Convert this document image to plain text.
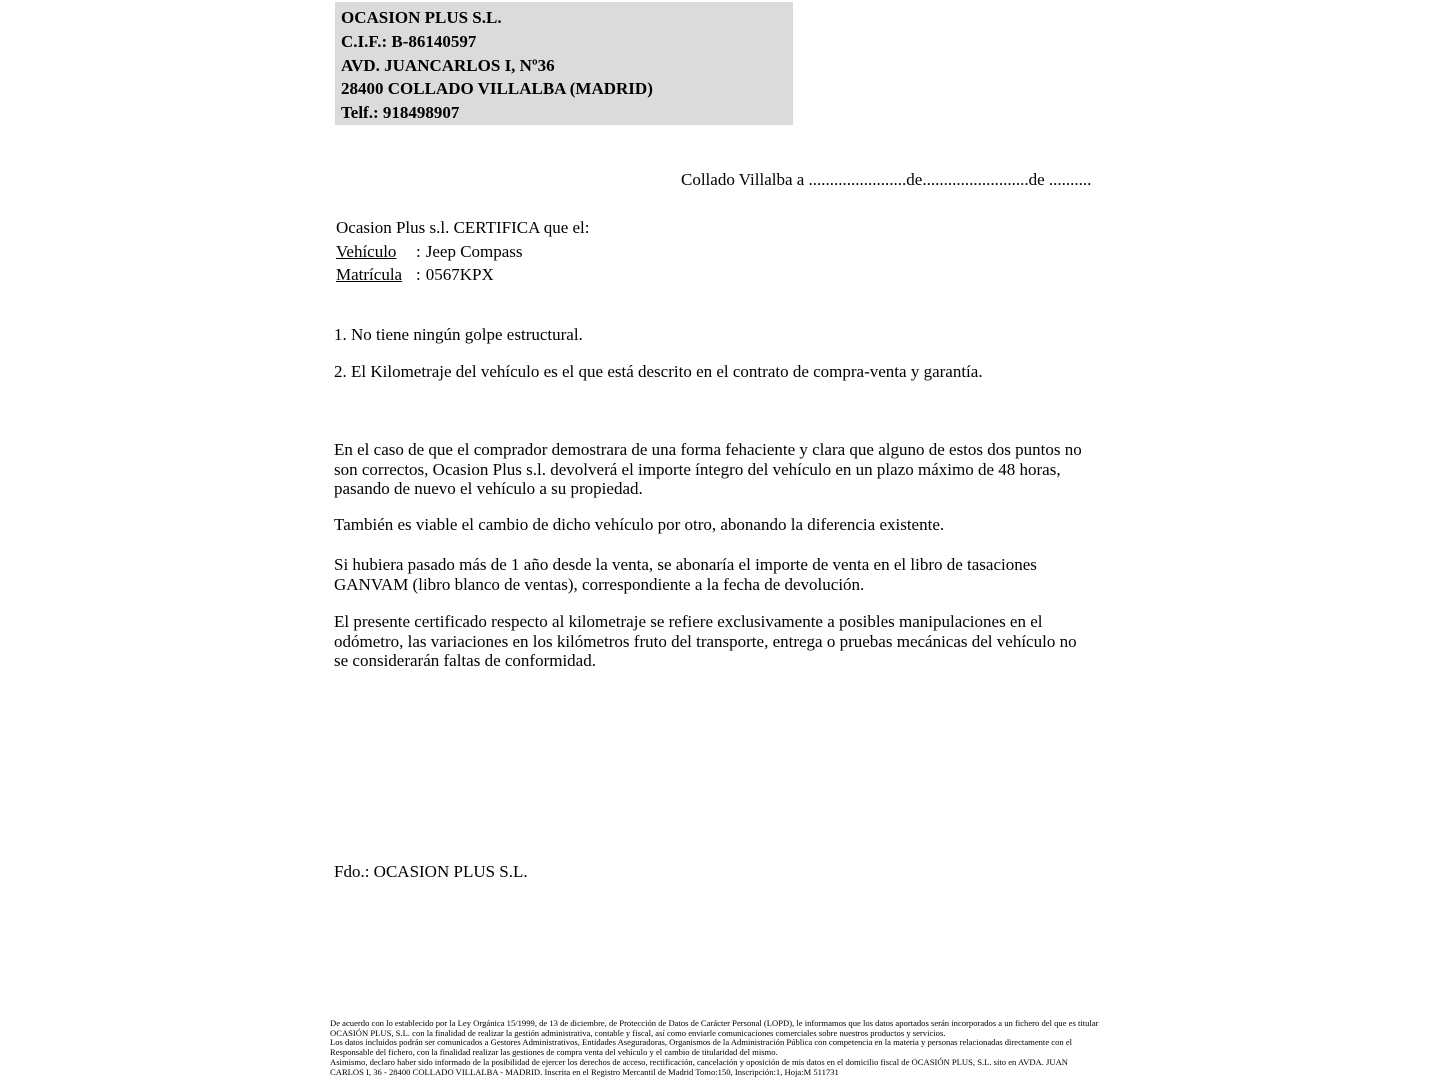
OCASION PLUS S.L.
C.I.F.: B-86140597
AVD. JUANCARLOS I, Nº36
28400 COLLADO VILLALBA (MADRID)
Telf.: 918498907
Collado Villalba a .......................de.........................de ..........
Ocasion Plus s.l. CERTIFICA que el:
Vehículo : Jeep Compass
Matrícula : 0567KPX
1. No tiene ningún golpe estructural.
2. El Kilometraje del vehículo es el que está descrito en el contrato de compra-venta y garantía.
En el caso de que el comprador demostrara de una forma fehaciente y clara que alguno de estos dos puntos no son correctos, Ocasion Plus s.l. devolverá el importe íntegro del vehículo en un plazo máximo de 48 horas, pasando de nuevo el vehículo a su propiedad.
También es viable el cambio de dicho vehículo por otro, abonando la diferencia existente.
Si hubiera pasado más de 1 año desde la venta, se abonaría el importe de venta en el libro de tasaciones GANVAM (libro blanco de ventas), correspondiente a la fecha de devolución.
El presente certificado respecto al kilometraje se refiere exclusivamente a posibles manipulaciones en el odómetro, las variaciones en los kilómetros fruto del transporte, entrega o pruebas mecánicas del vehículo no se considerarán faltas de conformidad.
Fdo.: OCASION PLUS S.L.

De acuerdo con lo establecido por la Ley Orgánica 15/1999, de 13 de diciembre, de Protección de Datos de Carácter Personal (LOPD), le informamos que los datos aportados serán incorporados a un fichero del que es titular OCASIÓN PLUS, S.L. con la finalidad de realizar la gestión administrativa, contable y fiscal, así como enviarle comunicaciones comerciales sobre nuestros productos y servicios.

Los datos incluidos podrán ser comunicados a Gestores Administrativos, Entidades Aseguradoras, Organismos de la Administración Pública con competencia en la materia y personas relacionadas directamente con el Responsable del fichero, con la finalidad realizar las gestiones de compra venta del vehículo y el cambio de titularidad del mismo.

Asimismo, declaro haber sido informado de la posibilidad de ejercer los derechos de acceso, rectificación, cancelación y oposición de mis datos en el domicilio fiscal de OCASIÓN PLUS, S.L. sito en AVDA. JUAN CARLOS I, 36 - 28400 COLLADO VILLALBA - MADRID. Inscrita en el Registro Mercantil de Madrid Tomo:150, Inscripción:1, Hoja:M 511731
